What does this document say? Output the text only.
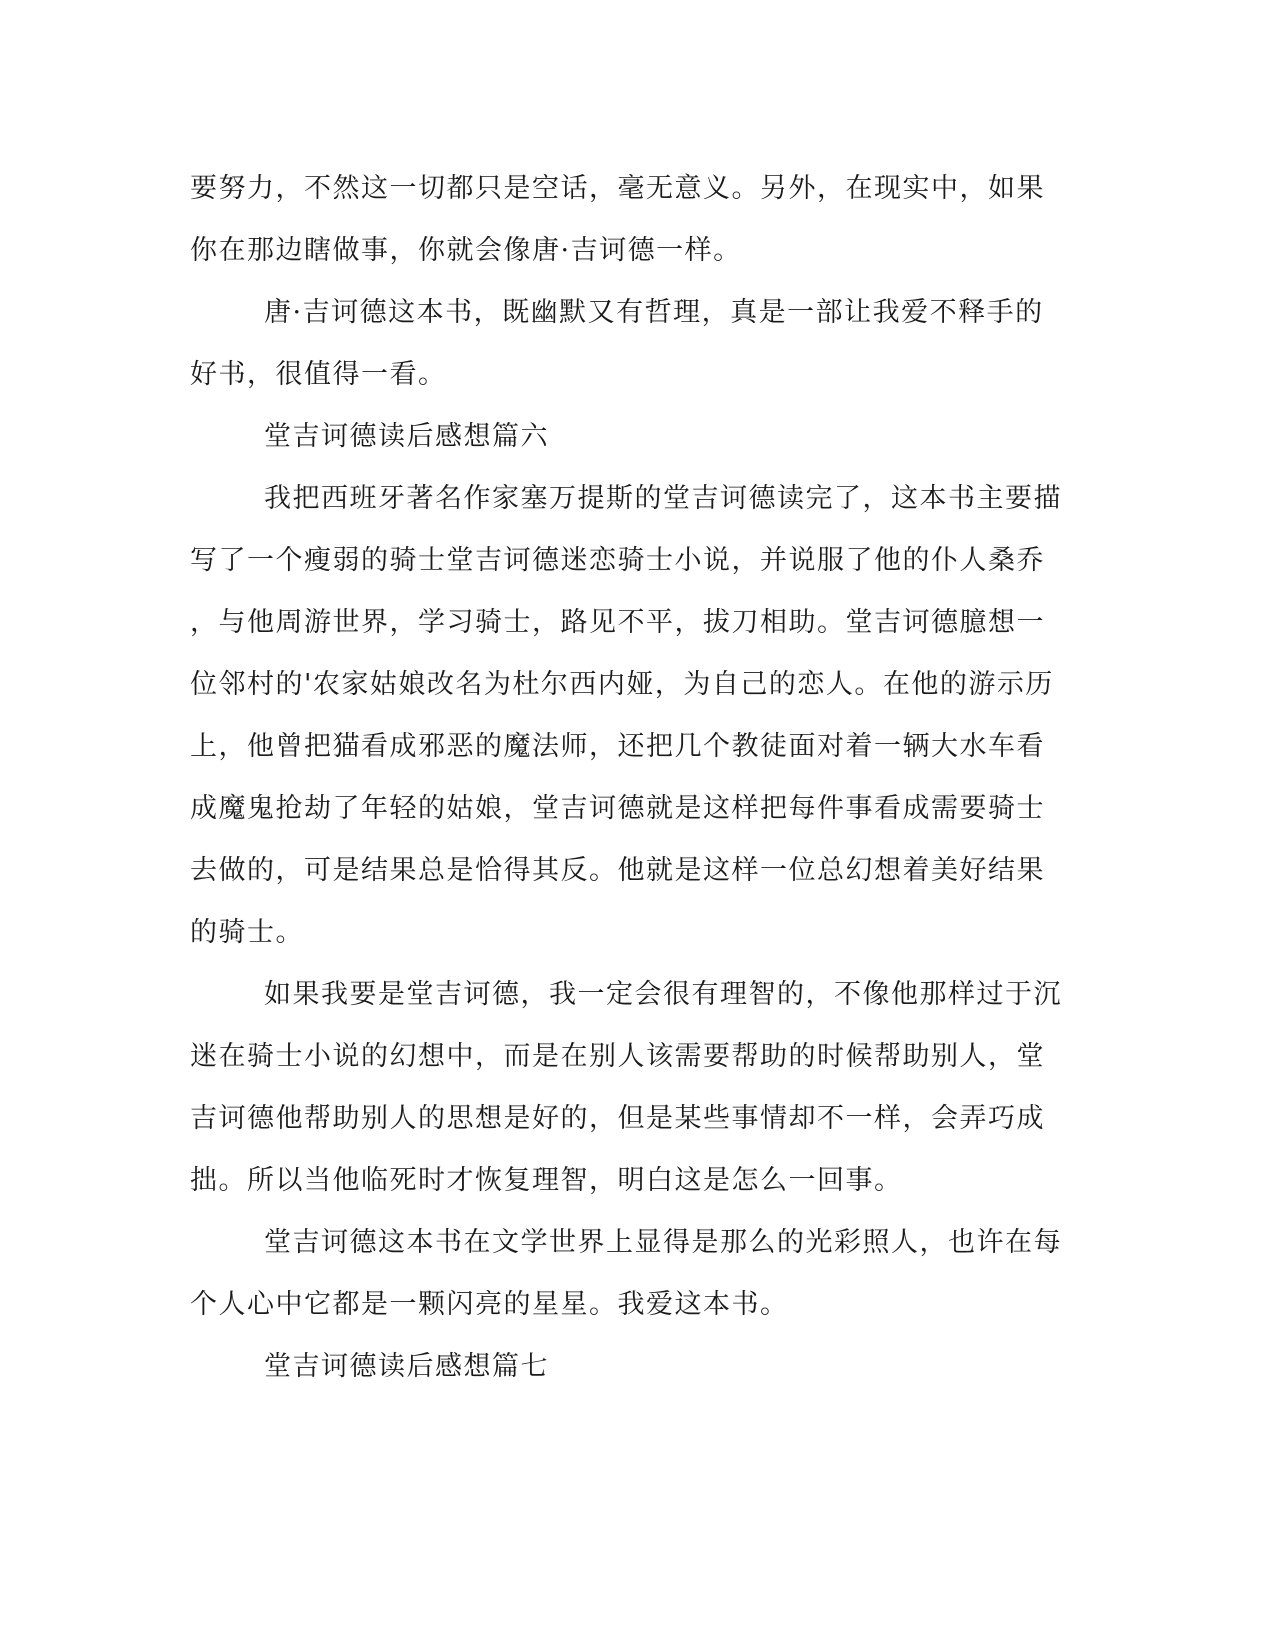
要努力，不然这一切都只是空话，毫无意义。另外，在现实中，如果
你在那边瞎做事，你就会像唐·吉诃德一样。
唐·吉诃德这本书，既幽默又有哲理，真是一部让我爱不释手的
好书，很值得一看。
堂吉诃德读后感想篇六
我把西班牙著名作家塞万提斯的堂吉诃德读完了，这本书主要描
写了一个瘦弱的骑士堂吉诃德迷恋骑士小说，并说服了他的仆人桑乔
，与他周游世界，学习骑士，路见不平，拔刀相助。堂吉诃德臆想一
位邻村的'农家姑娘改名为杜尔西内娅，为自己的恋人。在他的游示历
上，他曾把猫看成邪恶的魔法师，还把几个教徒面对着一辆大水车看
成魔鬼抢劫了年轻的姑娘，堂吉诃德就是这样把每件事看成需要骑士
去做的，可是结果总是恰得其反。他就是这样一位总幻想着美好结果
的骑士。
如果我要是堂吉诃德，我一定会很有理智的，不像他那样过于沉
迷在骑士小说的幻想中，而是在别人该需要帮助的时候帮助别人，堂
吉诃德他帮助别人的思想是好的，但是某些事情却不一样，会弄巧成
拙。所以当他临死时才恢复理智，明白这是怎么一回事。
堂吉诃德这本书在文学世界上显得是那么的光彩照人，也许在每
个人心中它都是一颗闪亮的星星。我爱这本书。
堂吉诃德读后感想篇七
